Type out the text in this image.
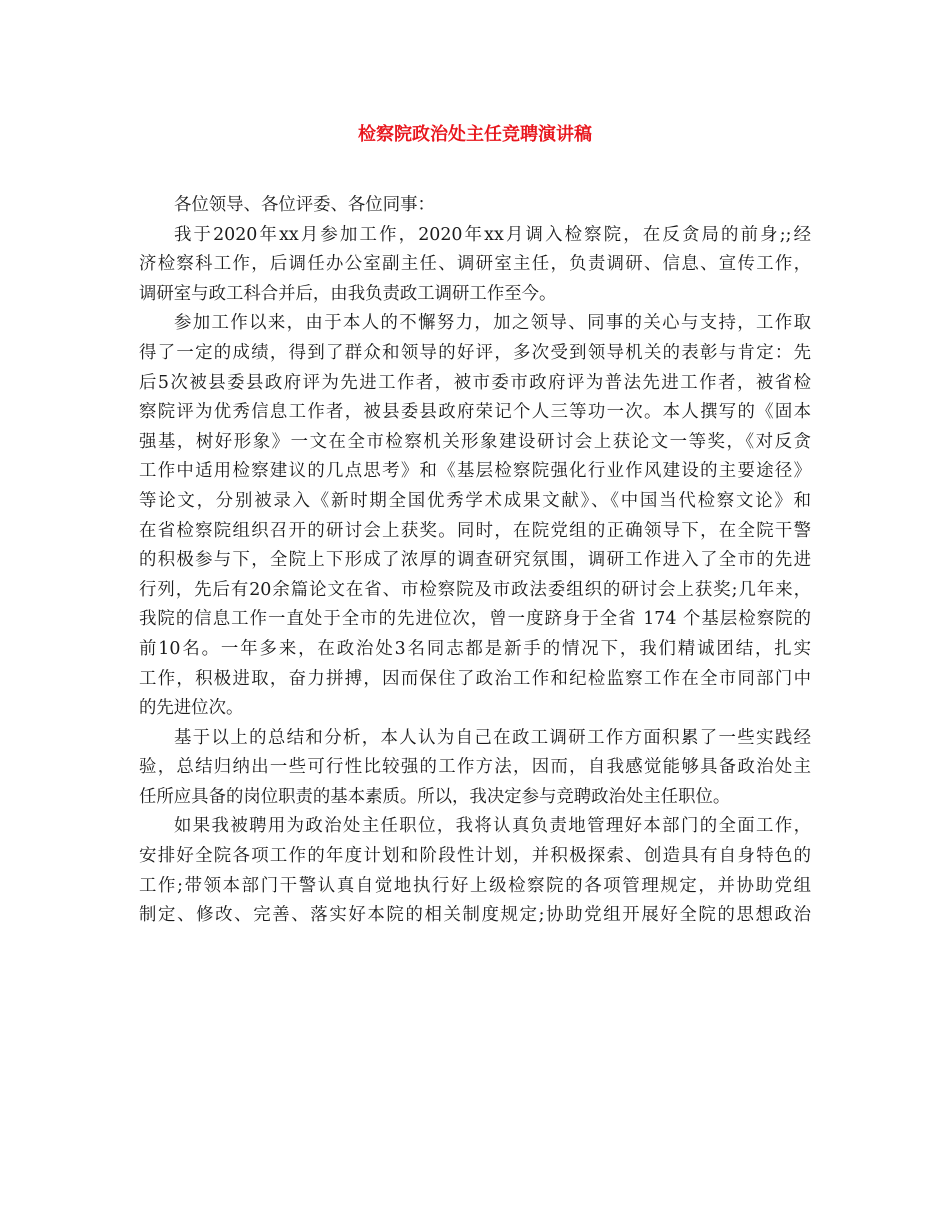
检察院政治处主任竞聘演讲稿
各位领导、各位评委、各位同事：
我于2020年xx月参加工作，2020年xx月调入检察院，在反贪局的前身;;经
济检察科工作，后调任办公室副主任、调研室主任，负责调研、信息、宣传工作，
调研室与政工科合并后，由我负责政工调研工作至今。
参加工作以来，由于本人的不懈努力，加之领导、同事的关心与支持，工作取
得了一定的成绩，得到了群众和领导的好评，多次受到领导机关的表彰与肯定：先
后5次被县委县政府评为先进工作者，被市委市政府评为普法先进工作者，被省检
察院评为优秀信息工作者，被县委县政府荣记个人三等功一次。本人撰写的《固本
强基，树好形象》一文在全市检察机关形象建设研讨会上获论文一等奖，《对反贪
工作中适用检察建议的几点思考》和《基层检察院强化行业作风建设的主要途径》
等论文，分别被录入《新时期全国优秀学术成果文献》、《中国当代检察文论》和
在省检察院组织召开的研讨会上获奖。同时，在院党组的正确领导下，在全院干警
的积极参与下，全院上下形成了浓厚的调查研究氛围，调研工作进入了全市的先进
行列，先后有20余篇论文在省、市检察院及市政法委组织的研讨会上获奖;几年来，
我院的信息工作一直处于全市的先进位次，曾一度跻身于全省 174 个基层检察院的
前10名。一年多来，在政治处3名同志都是新手的情况下，我们精诚团结，扎实
工作，积极进取，奋力拼搏，因而保住了政治工作和纪检监察工作在全市同部门中
的先进位次。
基于以上的总结和分析，本人认为自己在政工调研工作方面积累了一些实践经
验，总结归纳出一些可行性比较强的工作方法，因而，自我感觉能够具备政治处主
任所应具备的岗位职责的基本素质。所以，我决定参与竞聘政治处主任职位。
如果我被聘用为政治处主任职位，我将认真负责地管理好本部门的全面工作，
安排好全院各项工作的年度计划和阶段性计划，并积极探索、创造具有自身特色的
工作;带领本部门干警认真自觉地执行好上级检察院的各项管理规定，并协助党组
制定、修改、完善、落实好本院的相关制度规定;协助党组开展好全院的思想政治
